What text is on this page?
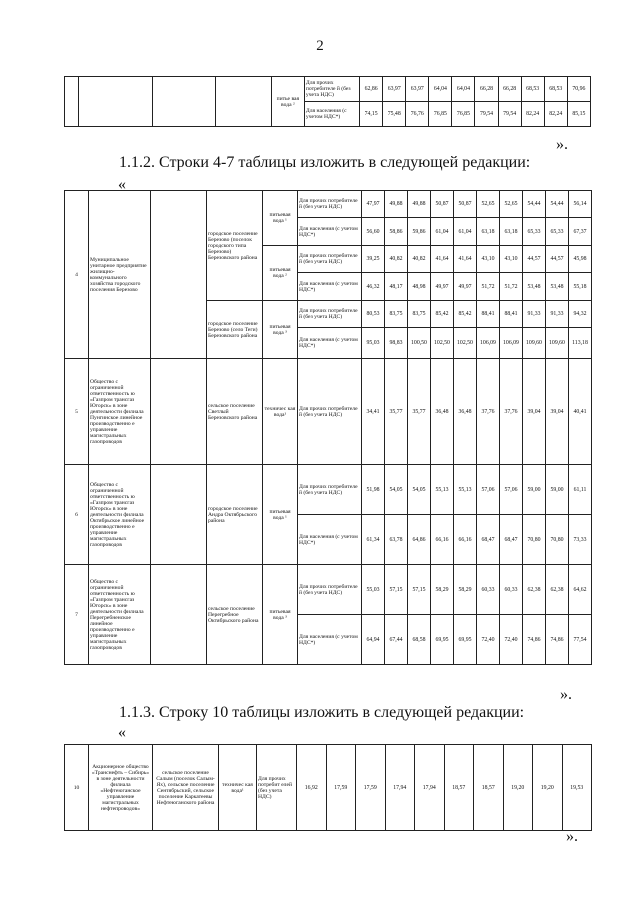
2
				питье вая вода ²	Для прочих потребителе й (без учета НДС)	62,86	63,97	63,97	64,04	64,04	66,28	66,28	68,53	68,53	70,96
					Для населения (с учетом НДС*)	74,15	75,48	76,76	76,85	76,85	79,54	79,54	82,24	82,24	85,15
».
1.1.2. Строки 4-7 таблицы изложить в следующей редакции:
«
4	Муниципальное унитарное предприятие жилищно-коммунального хозяйства городского поселения Березово		городское поселение Березово (поселок городского типа Березово) Березовского района	питьевая вода ¹	Для прочих потребителе й (без учета НДС)	47,97	49,88	49,88	50,87	50,87	52,65	52,65	54,44	54,44	56,14
					Для населения (с учетом НДС*)	56,60	58,86	59,86	61,04	61,04	63,18	63,18	65,33	65,33	67,37
				питьевая вода ²	Для прочих потребителе й (без учета НДС)	39,25	40,82	40,82	41,64	41,64	43,10	43,10	44,57	44,57	45,98
					Для населения (с учетом НДС*)	46,32	48,17	48,98	49,97	49,97	51,72	51,72	53,48	53,48	55,18
			городское поселение Березово (село Теги) Березовского района	питьевая вода ³	Для прочих потребителе й (без учета НДС)	80,53	83,75	83,75	85,42	85,42	88,41	88,41	91,33	91,33	94,32
					Для населения (с учетом НДС*)	95,03	98,83	100,50	102,50	102,50	106,09	106,09	109,60	109,60	113,18
5	Общество с ограниченной ответственность ю «Газпром трансгаз Югорск» в зоне деятельности филиала Пунгинское линейное производственно е управление магистральных газопроводов		сельское поселение Светлый Березовского района	техничес кая вода¹	Для прочих потребителе й (без учета НДС)	34,41	35,77	35,77	36,48	36,48	37,76	37,76	39,04	39,04	40,41
6	Общество с ограниченной ответственность ю «Газпром трансгаз Югорск» в зоне деятельности филиала Октябрьское линейное производственно е управление магистральных газопроводов		городское поселение Андра Октябрьского района	питьевая вода ¹	Для прочих потребителе й (без учета НДС)	51,98	54,05	54,05	55,13	55,13	57,06	57,06	59,00	59,00	61,11
					Для населения (с учетом НДС*)	61,34	63,78	64,86	66,16	66,16	68,47	68,47	70,80	70,80	73,33
7	Общество с ограниченной ответственность ю «Газпром трансгаз Югорск» в зоне деятельности филиала Перегребненское линейное производственно е управление магистральных газопроводов		сельское поселение Перегребное Октябрьского района	питьевая вода ³	Для прочих потребителе й (без учета НДС)	55,03	57,15	57,15	58,29	58,29	60,33	60,33	62,38	62,38	64,62
					Для населения (с учетом НДС*)	64,94	67,44	68,58	69,95	69,95	72,40	72,40	74,86	74,86	77,54
».
1.1.3. Строку 10 таблицы изложить в следующей редакции:
«
10	Акционерное общество «Транснефть – Сибирь» в зоне деятельности филиала «Нефтеюганское управление магистральных нефтепроводов»	сельское поселение Салым (поселок Салым-Ях), сельское поселение Сентябрьский, сельское поселение Каркатеевы Нефтеюганского района	техничес кая вода¹	Для прочих потребит елей (без учета НДС)	16,92	17,59	17,59	17,94	17,94	18,57	18,57	19,20	19,20	19,53
».
